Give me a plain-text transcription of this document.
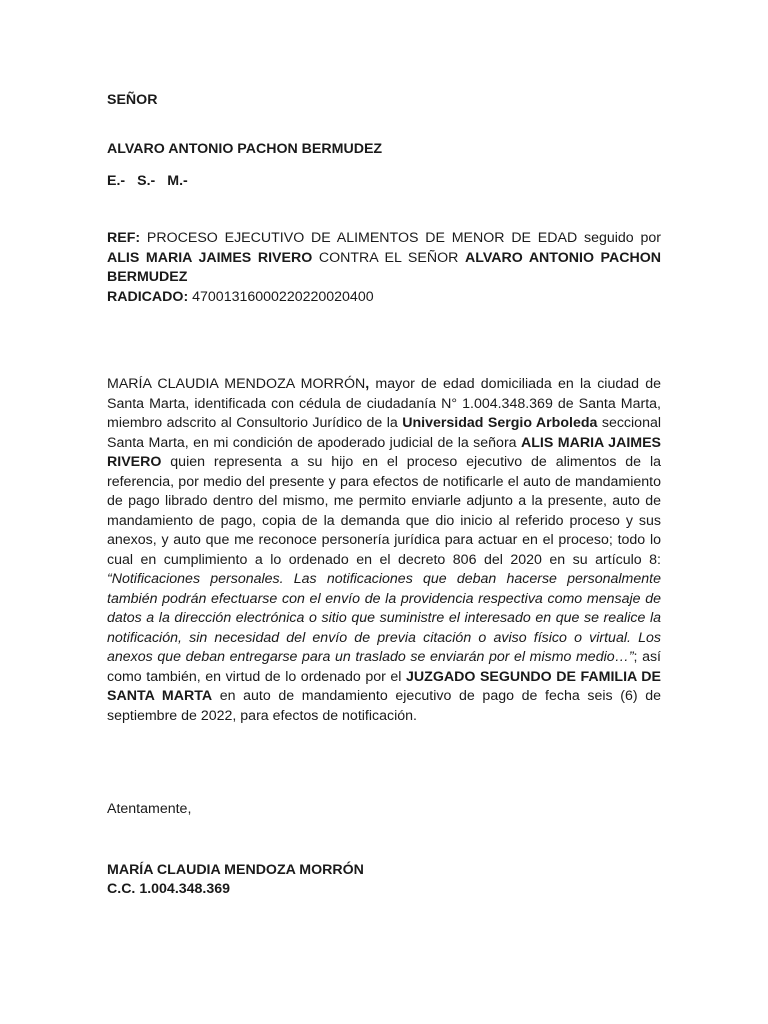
SEÑOR
ALVARO ANTONIO PACHON BERMUDEZ
E.- S.- M.-
REF: PROCESO EJECUTIVO DE ALIMENTOS DE MENOR DE EDAD seguido por ALIS MARIA JAIMES RIVERO CONTRA EL SEÑOR ALVARO ANTONIO PACHON BERMUDEZ
RADICADO: 47001316000220220020400
MARÍA CLAUDIA MENDOZA MORRÓN, mayor de edad domiciliada en la ciudad de Santa Marta, identificada con cédula de ciudadanía N° 1.004.348.369 de Santa Marta, miembro adscrito al Consultorio Jurídico de la Universidad Sergio Arboleda seccional Santa Marta, en mi condición de apoderado judicial de la señora ALIS MARIA JAIMES RIVERO quien representa a su hijo en el proceso ejecutivo de alimentos de la referencia, por medio del presente y para efectos de notificarle el auto de mandamiento de pago librado dentro del mismo, me permito enviarle adjunto a la presente, auto de mandamiento de pago, copia de la demanda que dio inicio al referido proceso y sus anexos, y auto que me reconoce personería jurídica para actuar en el proceso; todo lo cual en cumplimiento a lo ordenado en el decreto 806 del 2020 en su artículo 8: “Notificaciones personales. Las notificaciones que deban hacerse personalmente también podrán efectuarse con el envío de la providencia respectiva como mensaje de datos a la dirección electrónica o sitio que suministre el interesado en que se realice la notificación, sin necesidad del envío de previa citación o aviso físico o virtual. Los anexos que deban entregarse para un traslado se enviarán por el mismo medio…”; así como también, en virtud de lo ordenado por el JUZGADO SEGUNDO DE FAMILIA DE SANTA MARTA en auto de mandamiento ejecutivo de pago de fecha seis (6) de septiembre de 2022, para efectos de notificación.
Atentamente,
MARÍA CLAUDIA MENDOZA MORRÓN
C.C. 1.004.348.369
